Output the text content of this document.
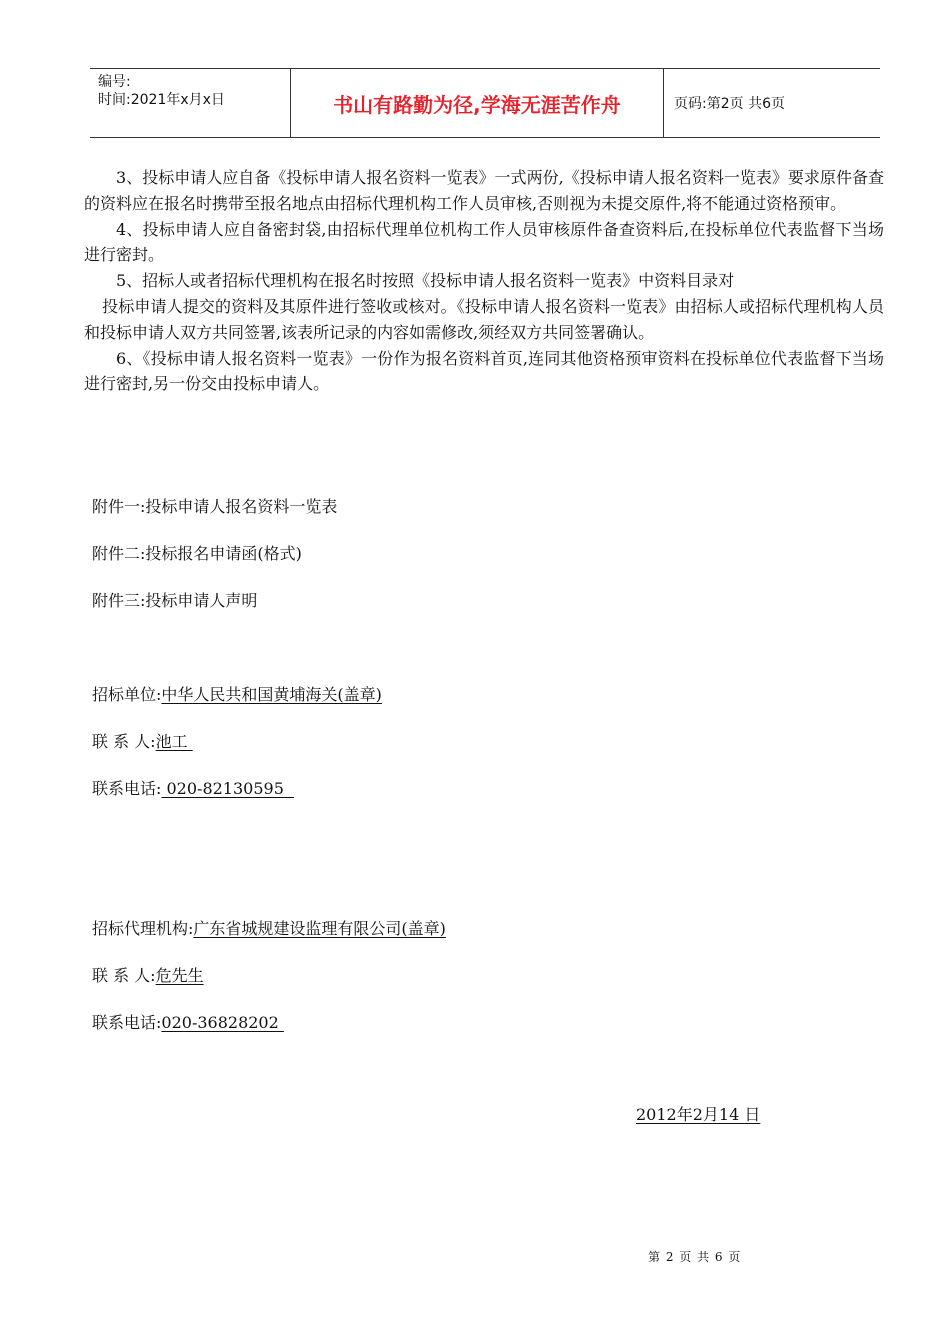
编号:
时间:2021年x月x日	书山有路勤为径,学海无涯苦作舟	页码:第2页 共6页

3、投标申请人应自备《投标申请人报名资料一览表》一式两份,《投标申请人报名资料一览表》要求原件备查的资料应在报名时携带至报名地点由招标代理机构工作人员审核,否则视为未提交原件,将不能通过资格预审。

4、投标申请人应自备密封袋,由招标代理单位机构工作人员审核原件备查资料后,在投标单位代表监督下当场进行密封。

5、招标人或者招标代理机构在报名时按照《投标申请人报名资料一览表》中资料目录对

投标申请人提交的资料及其原件进行签收或核对。《投标申请人报名资料一览表》由招标人或招标代理机构人员和投标申请人双方共同签署,该表所记录的内容如需修改,须经双方共同签署确认。

6、《投标申请人报名资料一览表》一份作为报名资料首页,连同其他资格预审资料在投标单位代表监督下当场进行密封,另一份交由投标申请人。

附件一:投标申请人报名资料一览表
附件二:投标报名申请函(格式)
附件三:投标申请人声明
招标单位:中华人民共和国黄埔海关(盖章)
联 系 人:池工
联系电话: 020-82130595
招标代理机构:广东省城规建设监理有限公司(盖章)
联 系 人:危先生
联系电话:020-36828202
2012年2月14 日
第 2 页 共 6 页
